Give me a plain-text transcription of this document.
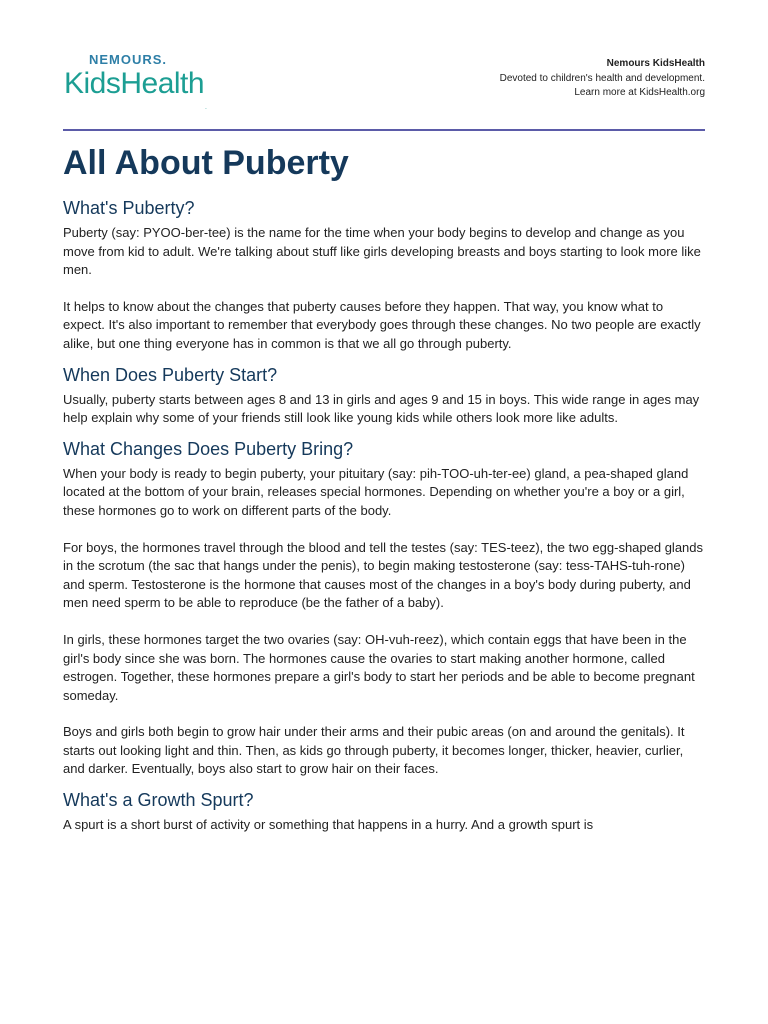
NEMOURS.
KidsHealth.
Nemours KidsHealth
Devoted to children's health and development.
Learn more at KidsHealth.org
All About Puberty
What's Puberty?

Puberty (say: PYOO-ber-tee) is the name for the time when your body begins to develop and change as you move from kid to adult. We're talking about stuff like girls developing breasts and boys starting to look more like men.

It helps to know about the changes that puberty causes before they happen. That way, you know what to expect. It's also important to remember that everybody goes through these changes. No two people are exactly alike, but one thing everyone has in common is that we all go through puberty.

When Does Puberty Start?

Usually, puberty starts between ages 8 and 13 in girls and ages 9 and 15 in boys. This wide range in ages may help explain why some of your friends still look like young kids while others look more like adults.

What Changes Does Puberty Bring?

When your body is ready to begin puberty, your pituitary (say: pih-TOO-uh-ter-ee) gland, a pea-shaped gland located at the bottom of your brain, releases special hormones. Depending on whether you're a boy or a girl, these hormones go to work on different parts of the body.

For boys, the hormones travel through the blood and tell the testes (say: TES-teez), the two egg-shaped glands in the scrotum (the sac that hangs under the penis), to begin making testosterone (say: tess-TAHS-tuh-rone) and sperm. Testosterone is the hormone that causes most of the changes in a boy's body during puberty, and men need sperm to be able to reproduce (be the father of a baby).

In girls, these hormones target the two ovaries (say: OH-vuh-reez), which contain eggs that have been in the girl's body since she was born. The hormones cause the ovaries to start making another hormone, called estrogen. Together, these hormones prepare a girl's body to start her periods and be able to become pregnant someday.

Boys and girls both begin to grow hair under their arms and their pubic areas (on and around the genitals). It starts out looking light and thin. Then, as kids go through puberty, it becomes longer, thicker, heavier, curlier, and darker. Eventually, boys also start to grow hair on their faces.

What's a Growth Spurt?

A spurt is a short burst of activity or something that happens in a hurry. And a growth spurt is
